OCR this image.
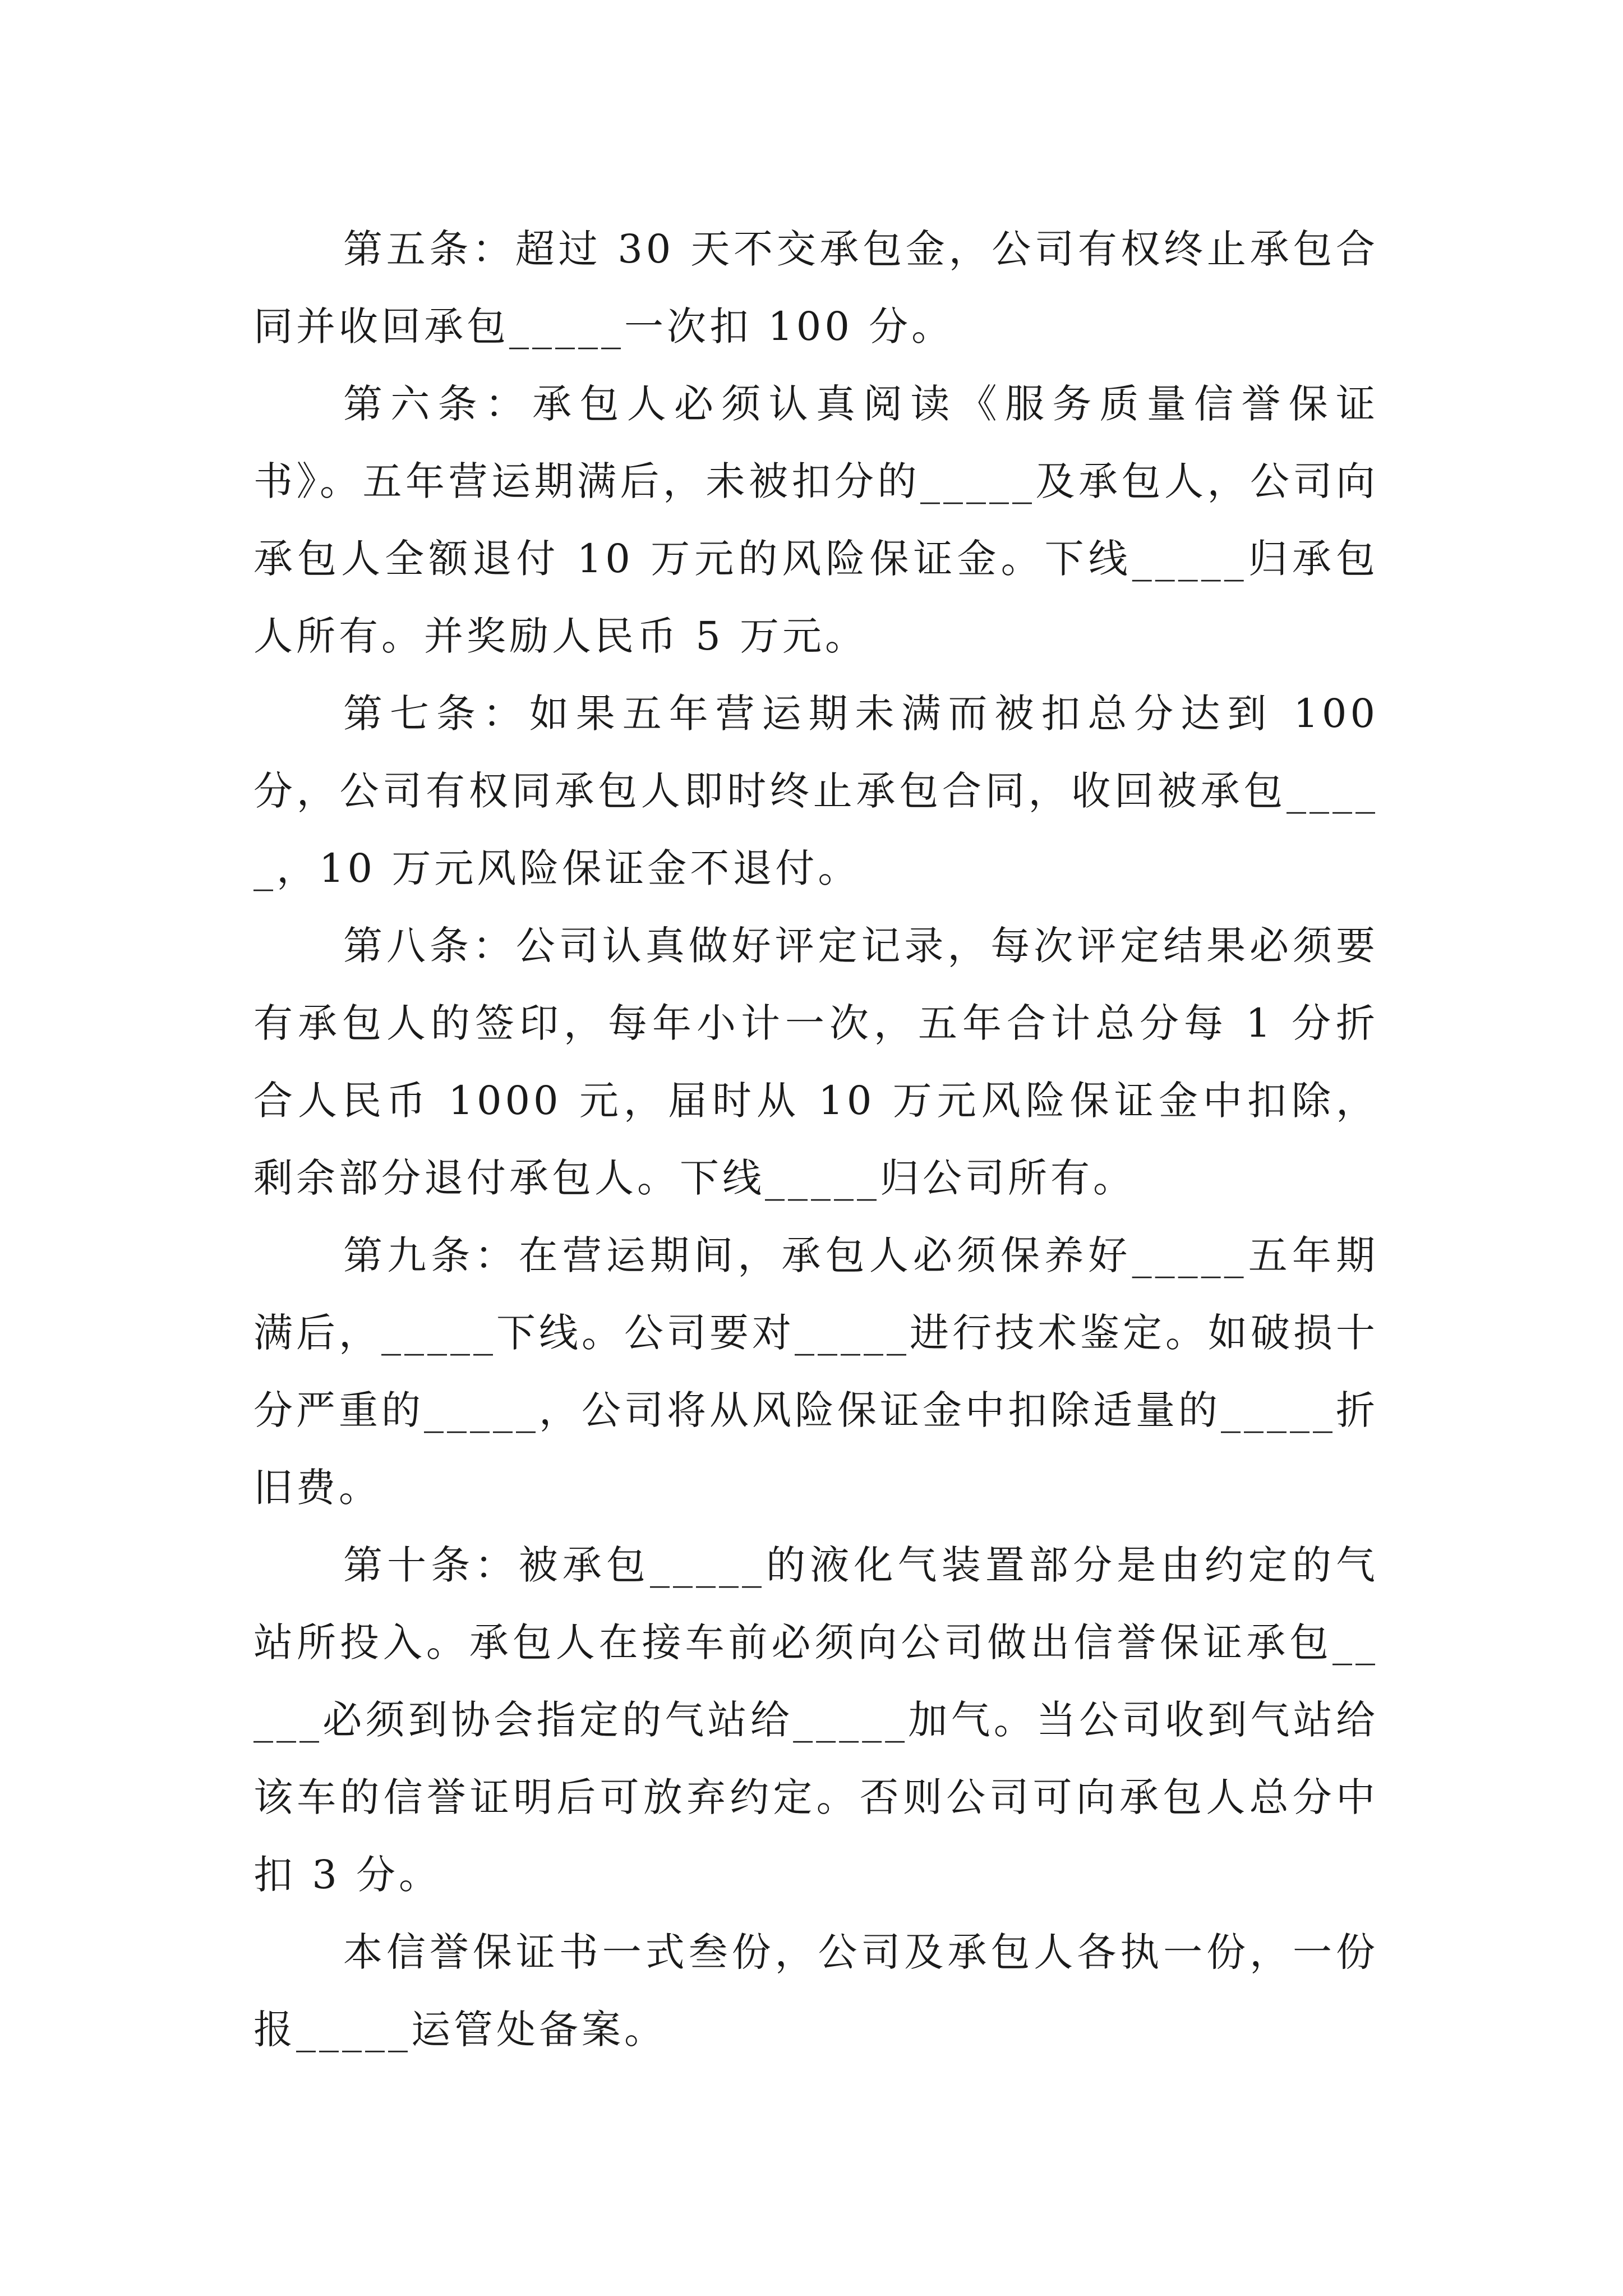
第五条：超过 30 天不交承包金，公司有权终止承包合同并收回承包_____一次扣 100 分。

第六条：承包人必须认真阅读《服务质量信誉保证书》。五年营运期满后，未被扣分的_____及承包人，公司向承包人全额退付 10 万元的风险保证金。下线_____归承包人所有。并奖励人民币 5 万元。

第七条：如果五年营运期未满而被扣总分达到 100 分，公司有权同承包人即时终止承包合同，收回被承包_____，10 万元风险保证金不退付。

第八条：公司认真做好评定记录，每次评定结果必须要有承包人的签印，每年小计一次，五年合计总分每 1 分折合人民币 1000 元，届时从 10 万元风险保证金中扣除，剩余部分退付承包人。下线_____归公司所有。

第九条：在营运期间，承包人必须保养好_____五年期满后，_____下线。公司要对_____进行技术鉴定。如破损十分严重的_____，公司将从风险保证金中扣除适量的_____折旧费。

第十条：被承包_____的液化气装置部分是由约定的气站所投入。承包人在接车前必须向公司做出信誉保证承包_____必须到协会指定的气站给_____加气。当公司收到气站给该车的信誉证明后可放弃约定。否则公司可向承包人总分中扣 3 分。

本信誉保证书一式叁份，公司及承包人各执一份，一份报_____运管处备案。
